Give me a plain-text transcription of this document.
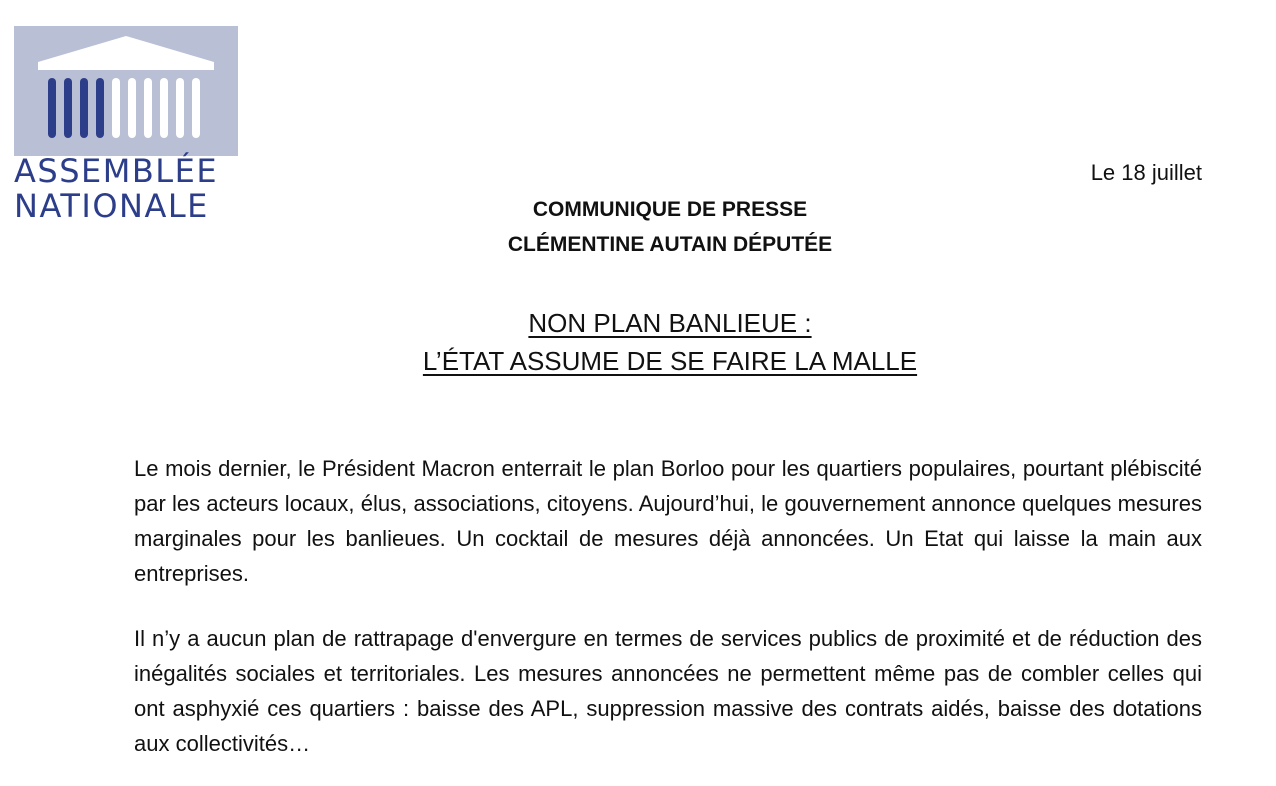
ASSEMBLÉE
NATIONALE
Le 18 juillet
COMMUNIQUE DE PRESSE
CLÉMENTINE AUTAIN DÉPUTÉE
NON PLAN BANLIEUE :
L’ÉTAT ASSUME DE SE FAIRE LA MALLE

Le mois dernier, le Président Macron enterrait le plan Borloo pour les quartiers populaires, pourtant plébiscité par les acteurs locaux, élus, associations, citoyens. Aujourd’hui, le gouvernement annonce quelques mesures marginales pour les banlieues. Un cocktail de mesures déjà annoncées. Un Etat qui laisse la main aux entreprises.

Il n’y a aucun plan de rattrapage d'envergure en termes de services publics de proximité et de réduction des inégalités sociales et territoriales. Les mesures annoncées ne permettent même pas de combler celles qui ont asphyxié ces quartiers : baisse des APL, suppression massive des contrats aidés, baisse des dotations aux collectivités…
